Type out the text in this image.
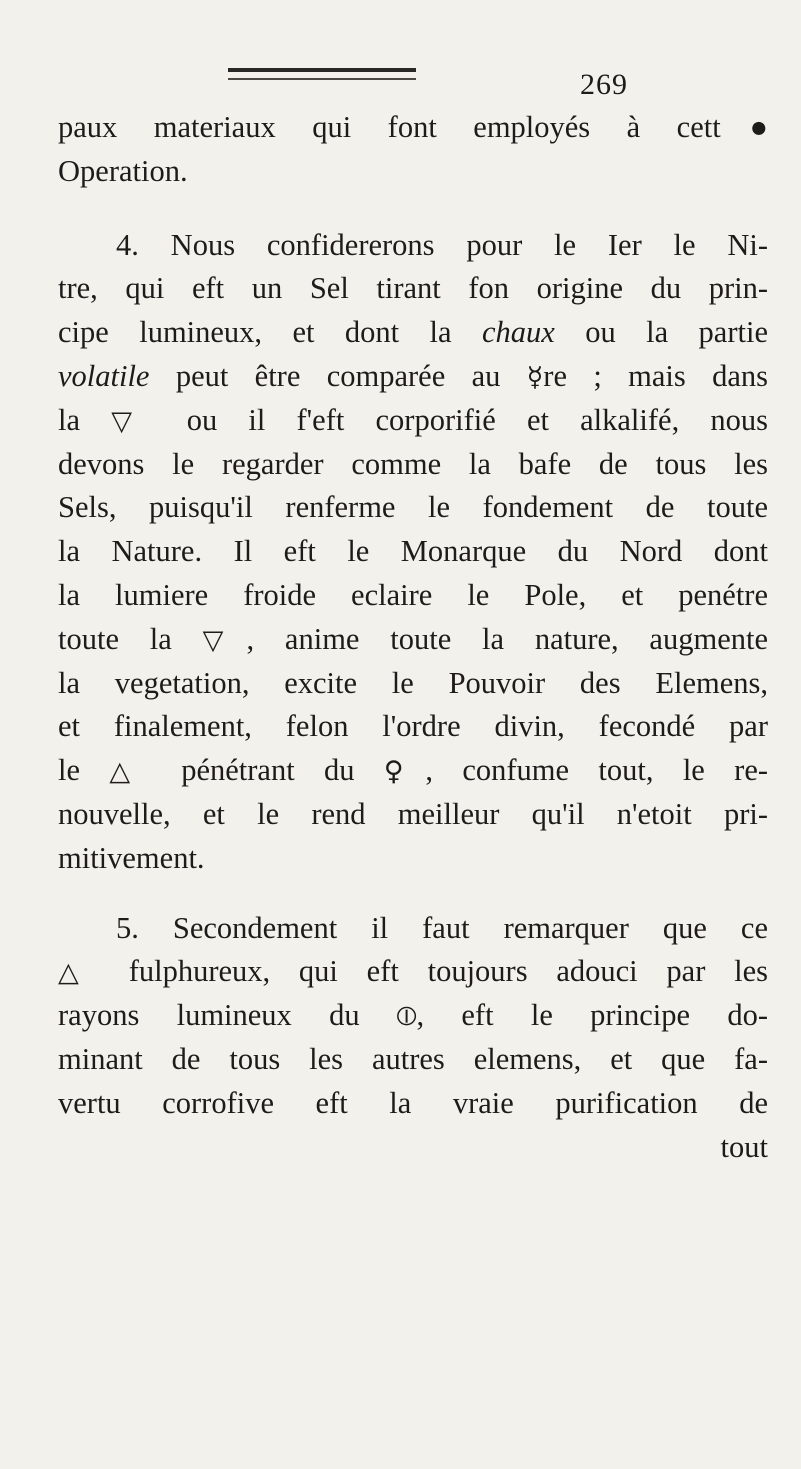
269
paux materiaux qui font employés à cett●
Operation.
4. Nous confidererons pour le Ier le Ni-
tre, qui eft un Sel tirant fon origine du prin-
cipe lumineux, et dont la chaux ou la partie
volatile peut être comparée au ☿re ; mais dans
la ▽ ou il f'eft corporifié et alkalifé, nous
devons le regarder comme la bafe de tous les
Sels, puisqu'il renferme le fondement de toute
la Nature. Il eft le Monarque du Nord dont
la lumiere froide eclaire le Pole, et penétre
toute la ▽, anime toute la nature, augmente
la vegetation, excite le Pouvoir des Elemens,
et finalement, felon l'ordre divin, fecondé par
le △ pénétrant du ♀, confume tout, le re-
nouvelle, et le rend meilleur qu'il n'etoit pri-
mitivement.
5. Secondement il faut remarquer que ce
△ fulphureux, qui eft toujours adouci par les
rayons lumineux du ⦶, eft le principe do-
minant de tous les autres elemens, et que fa-
vertu corrofive eft la vraie purification de
tout
